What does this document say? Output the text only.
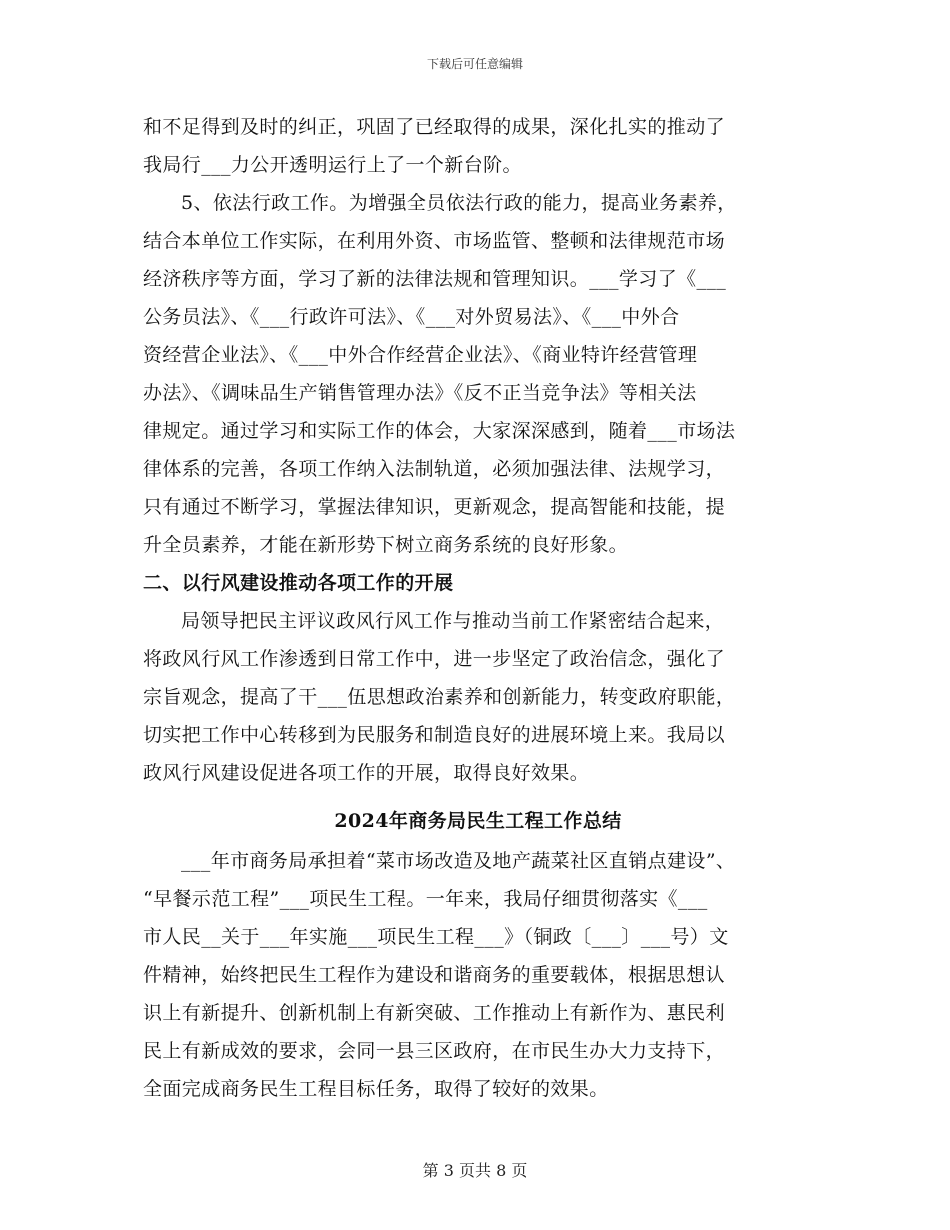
下载后可任意编辑
和不足得到及时的纠正，巩固了已经取得的成果，深化扎实的推动了
我局行___力公开透明运行上了一个新台阶。
5、依法行政工作。为增强全员依法行政的能力，提高业务素养，
结合本单位工作实际，在利用外资、市场监管、整顿和法律规范市场
经济秩序等方面，学习了新的法律法规和管理知识。___学习了《___
公务员法》、《___行政许可法》、《___对外贸易法》、《___中外合
资经营企业法》、《___中外合作经营企业法》、《商业特许经营管理
办法》、《调味品生产销售管理办法》《反不正当竞争法》等相关法
律规定。通过学习和实际工作的体会，大家深深感到，随着___市场法
律体系的完善，各项工作纳入法制轨道，必须加强法律、法规学习，
只有通过不断学习，掌握法律知识，更新观念，提高智能和技能，提
升全员素养，才能在新形势下树立商务系统的良好形象。
二、以行风建设推动各项工作的开展
局领导把民主评议政风行风工作与推动当前工作紧密结合起来，
将政风行风工作渗透到日常工作中，进一步坚定了政治信念，强化了
宗旨观念，提高了干___伍思想政治素养和创新能力，转变政府职能，
切实把工作中心转移到为民服务和制造良好的进展环境上来。我局以
政风行风建设促进各项工作的开展，取得良好效果。
2024年商务局民生工程工作总结
___年市商务局承担着“菜市场改造及地产蔬菜社区直销点建设”、
“早餐示范工程”___项民生工程。一年来，我局仔细贯彻落实《___
市人民__关于___年实施___项民生工程___》（铜政〔___〕___号）文
件精神，始终把民生工程作为建设和谐商务的重要载体，根据思想认
识上有新提升、创新机制上有新突破、工作推动上有新作为、惠民利
民上有新成效的要求，会同一县三区政府，在市民生办大力支持下，
全面完成商务民生工程目标任务，取得了较好的效果。
第 3 页共 8 页
